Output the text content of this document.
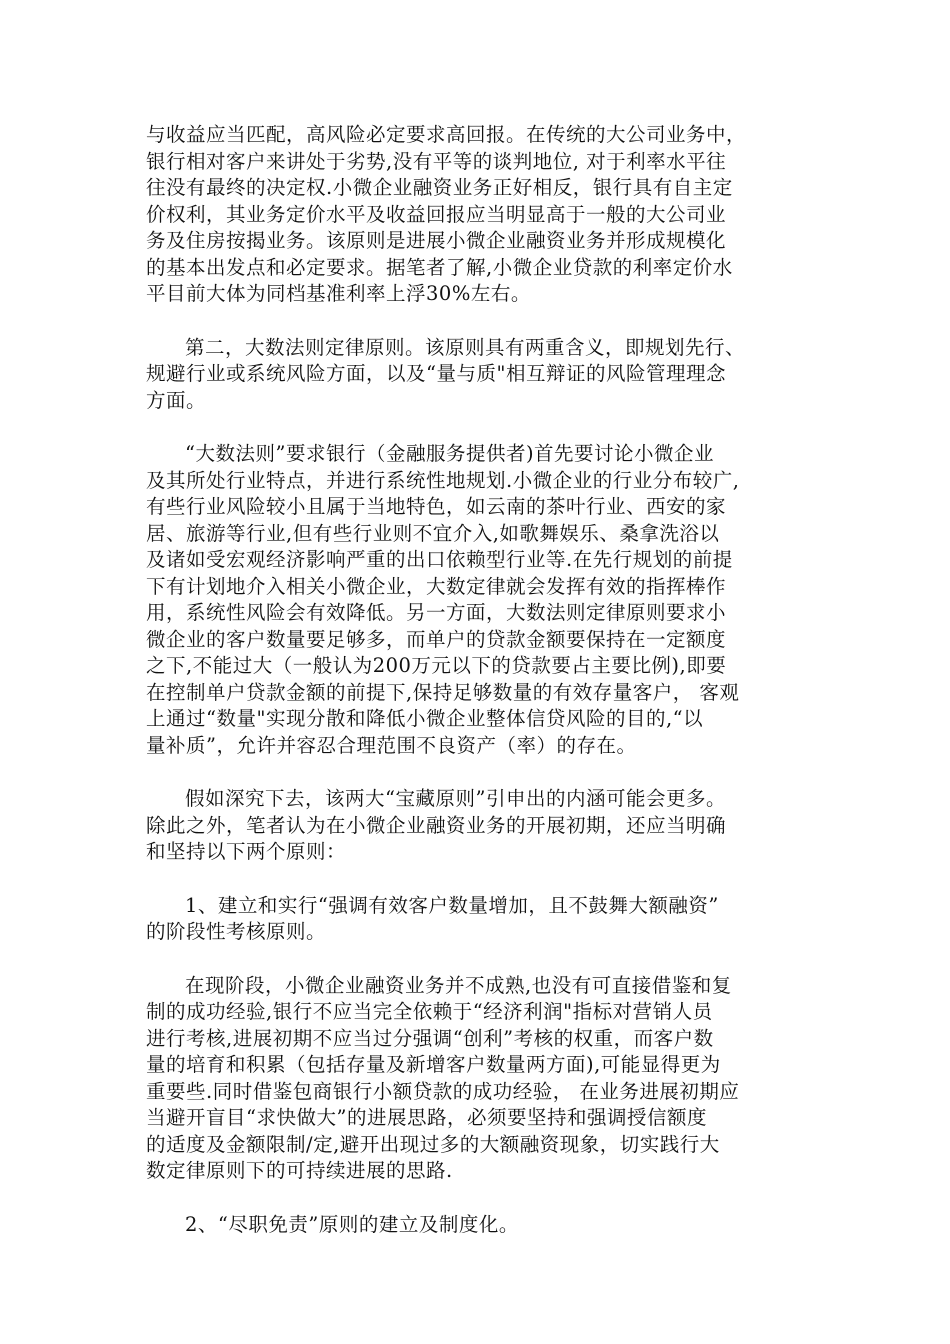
与收益应当匹配，高风险必定要求高回报。在传统的大公司业务中，
银行相对客户来讲处于劣势,没有平等的谈判地位, 对于利率水平往
往没有最终的决定权.小微企业融资业务正好相反，银行具有自主定
价权利，其业务定价水平及收益回报应当明显高于一般的大公司业
务及住房按揭业务。该原则是进展小微企业融资业务并形成规模化
的基本出发点和必定要求。据笔者了解,小微企业贷款的利率定价水
平目前大体为同档基准利率上浮30%左右。

第二，大数法则定律原则。该原则具有两重含义，即规划先行、
规避行业或系统风险方面，以及“量与质"相互辩证的风险管理理念
方面。

“大数法则”要求银行（金融服务提供者)首先要讨论小微企业
及其所处行业特点，并进行系统性地规划.小微企业的行业分布较广,
有些行业风险较小且属于当地特色，如云南的茶叶行业、西安的家
居、旅游等行业,但有些行业则不宜介入,如歌舞娱乐、桑拿洗浴以
及诸如受宏观经济影响严重的出口依赖型行业等.在先行规划的前提
下有计划地介入相关小微企业，大数定律就会发挥有效的指挥棒作
用，系统性风险会有效降低。另一方面，大数法则定律原则要求小
微企业的客户数量要足够多，而单户的贷款金额要保持在一定额度
之下,不能过大（一般认为200万元以下的贷款要占主要比例),即要
在控制单户贷款金额的前提下,保持足够数量的有效存量客户， 客观
上通过“数量"实现分散和降低小微企业整体信贷风险的目的,“以
量补质”，允许并容忍合理范围不良资产（率）的存在。

假如深究下去，该两大“宝藏原则”引申出的内涵可能会更多。
除此之外，笔者认为在小微企业融资业务的开展初期，还应当明确
和坚持以下两个原则：

1、建立和实行“强调有效客户数量增加，且不鼓舞大额融资”
的阶段性考核原则。

在现阶段，小微企业融资业务并不成熟,也没有可直接借鉴和复
制的成功经验,银行不应当完全依赖于“经济利润"指标对营销人员
进行考核,进展初期不应当过分强调“创利”考核的权重，而客户数
量的培育和积累（包括存量及新增客户数量两方面),可能显得更为
重要些.同时借鉴包商银行小额贷款的成功经验， 在业务进展初期应
当避开盲目“求快做大”的进展思路，必须要坚持和强调授信额度
的适度及金额限制/定,避开出现过多的大额融资现象，切实践行大
数定律原则下的可持续进展的思路.

2、“尽职免责”原则的建立及制度化。
